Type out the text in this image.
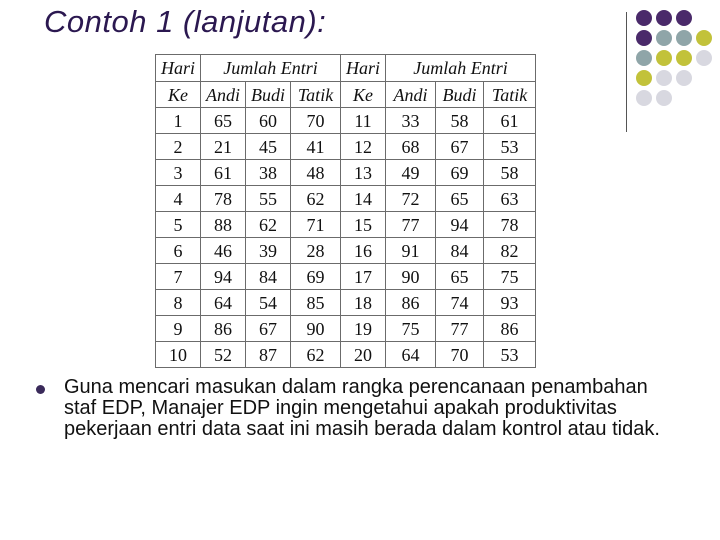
Contoh 1 (lanjutan):
Hari	Jumlah Entri			Hari	Jumlah Entri		
Ke	Andi	Budi	Tatik	Ke	Andi	Budi	Tatik
1	65	60	70	11	33	58	61
2	21	45	41	12	68	67	53
3	61	38	48	13	49	69	58
4	78	55	62	14	72	65	63
5	88	62	71	15	77	94	78
6	46	39	28	16	91	84	82
7	94	84	69	17	90	65	75
8	64	54	85	18	86	74	93
9	86	67	90	19	75	77	86
10	52	87	62	20	64	70	53
Guna mencari masukan dalam rangka perencanaan penambahan staf EDP, Manajer EDP ingin mengetahui apakah produktivitas pekerjaan entri data saat ini masih berada dalam kontrol atau tidak.
